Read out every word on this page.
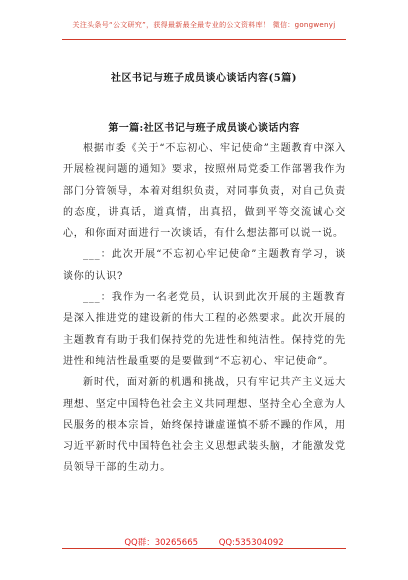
关注头条号“公文研究”，获得最新最全最专业的公文资料库！ 微信：gongwenyj
社区书记与班子成员谈心谈话内容(5篇)
第一篇:社区书记与班子成员谈心谈话内容

根据市委《关于“不忘初心、牢记使命”主题教育中深入开展检视问题的通知》要求，按照州局党委工作部署我作为部门分管领导，本着对组织负责，对同事负责，对自己负责的态度，讲真话，道真情，出真招，做到平等交流诚心交心，和你面对面进行一次谈话，有什么想法都可以说一说。

___：此次开展“不忘初心牢记使命”主题教育学习，谈谈你的认识?

___：我作为一名老党员，认识到此次开展的主题教育是深入推进党的建设新的伟大工程的必然要求。此次开展的主题教育有助于我们保持党的先进性和纯洁性。保持党的先进性和纯洁性最重要的是要做到“不忘初心、牢记使命”。

新时代，面对新的机遇和挑战，只有牢记共产主义远大理想、坚定中国特色社会主义共同理想、坚持全心全意为人民服务的根本宗旨，始终保持谦虚谨慎不骄不躁的作风，用习近平新时代中国特色社会主义思想武装头脑，才能激发党员领导干部的生动力。

QQ群：30265665 QQ:535304092
